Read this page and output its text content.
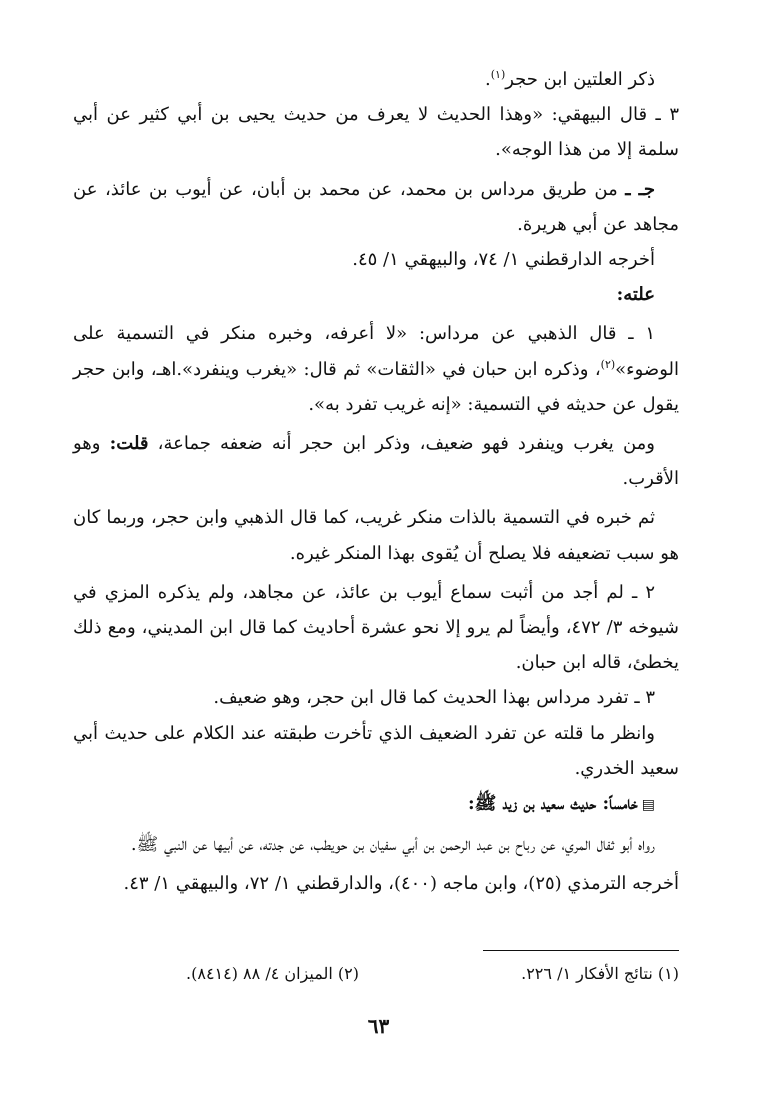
ذكر العلتين ابن حجر$^{(١)}$.

٣ ـ قال البيهقي: «وهذا الحديث لا يعرف من حديث يحيى بن أبي كثير عن أبي سلمة إلا من هذا الوجه».

جـ ـ من طريق مرداس بن محمد، عن محمد بن أبان، عن أيوب بن عائذ، عن مجاهد عن أبي هريرة.

أخرجه الدارقطني ١/ ٧٤، والبيهقي ١/ ٤٥.

علته:

١ ـ قال الذهبي عن مرداس: «لا أعرفه، وخبره منكر في التسمية على الوضوء»$^{(٢)}$، وذكره ابن حبان في «الثقات» ثم قال: «يغرب وينفرد».اهـ، وابن حجر يقول عن حديثه في التسمية: «إنه غريب تفرد به».

ومن يغرب وينفرد فهو ضعيف، وذكر ابن حجر أنه ضعفه جماعة، قلت: وهو الأقرب.

ثم خبره في التسمية بالذات منكر غريب، كما قال الذهبي وابن حجر، وربما كان هو سبب تضعيفه فلا يصلح أن يُقوى بهذا المنكر غيره.

٢ ـ لم أجد من أثبت سماع أيوب بن عائذ، عن مجاهد، ولم يذكره المزي في شيوخه ٣/ ٤٧٢، وأيضاً لم يرو إلا نحو عشرة أحاديث كما قال ابن المديني، ومع ذلك يخطئ، قاله ابن حبان.

٣ ـ تفرد مرداس بهذا الحديث كما قال ابن حجر، وهو ضعيف.

وانظر ما قلته عن تفرد الضعيف الذي تأخرت طبقته عند الكلام على حديث أبي سعيد الخدري.

▤خامساً: حديث سعيد بن زيد ﷺ:

رواه أبو ثفال المري، عن رباح بن عبد الرحمن بن أبي سفيان بن حويطب، عن جدته، عن أبيها عن النبي ﷺ.

أخرجه الترمذي (٢٥)، وابن ماجه (٤٠٠)، والدارقطني ١/ ٧٢، والبيهقي ١/ ٤٣.

(١) نتائج الأفكار ١/ ٢٢٦.(٢) الميزان ٤/ ٨٨ (٨٤١٤).
٦٣
